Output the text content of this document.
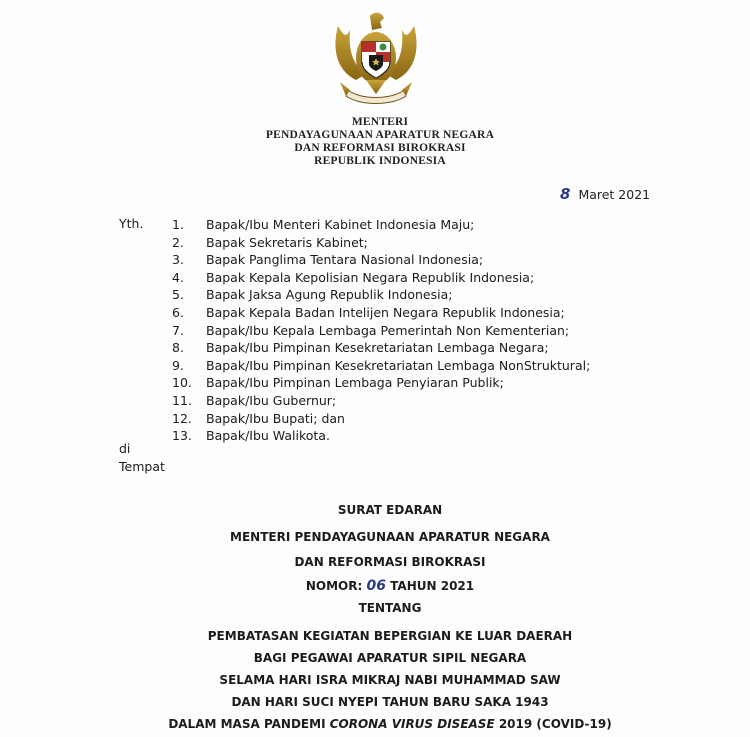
MENTERI
PENDAYAGUNAAN APARATUR NEGARA
DAN REFORMASI BIROKRASI
REPUBLIK INDONESIA
8 Maret 2021
Yth. 1. Bapak/Ibu Menteri Kabinet Indonesia Maju;
2. Bapak Sekretaris Kabinet;
3. Bapak Panglima Tentara Nasional Indonesia;
4. Bapak Kepala Kepolisian Negara Republik Indonesia;
5. Bapak Jaksa Agung Republik Indonesia;
6. Bapak Kepala Badan Intelijen Negara Republik Indonesia;
7. Bapak/Ibu Kepala Lembaga Pemerintah Non Kementerian;
8. Bapak/Ibu Pimpinan Kesekretariatan Lembaga Negara;
9. Bapak/Ibu Pimpinan Kesekretariatan Lembaga NonStruktural;
10. Bapak/Ibu Pimpinan Lembaga Penyiaran Publik;
11. Bapak/Ibu Gubernur;
12. Bapak/Ibu Bupati; dan
13. Bapak/Ibu Walikota.
di
Tempat
SURAT EDARAN
MENTERI PENDAYAGUNAAN APARATUR NEGARA
DAN REFORMASI BIROKRASI
NOMOR: 06 TAHUN 2021
TENTANG
PEMBATASAN KEGIATAN BEPERGIAN KE LUAR DAERAH
BAGI PEGAWAI APARATUR SIPIL NEGARA
SELAMA HARI ISRA MIKRAJ NABI MUHAMMAD SAW
DAN HARI SUCI NYEPI TAHUN BARU SAKA 1943
DALAM MASA PANDEMI CORONA VIRUS DISEASE 2019 (COVID-19)
